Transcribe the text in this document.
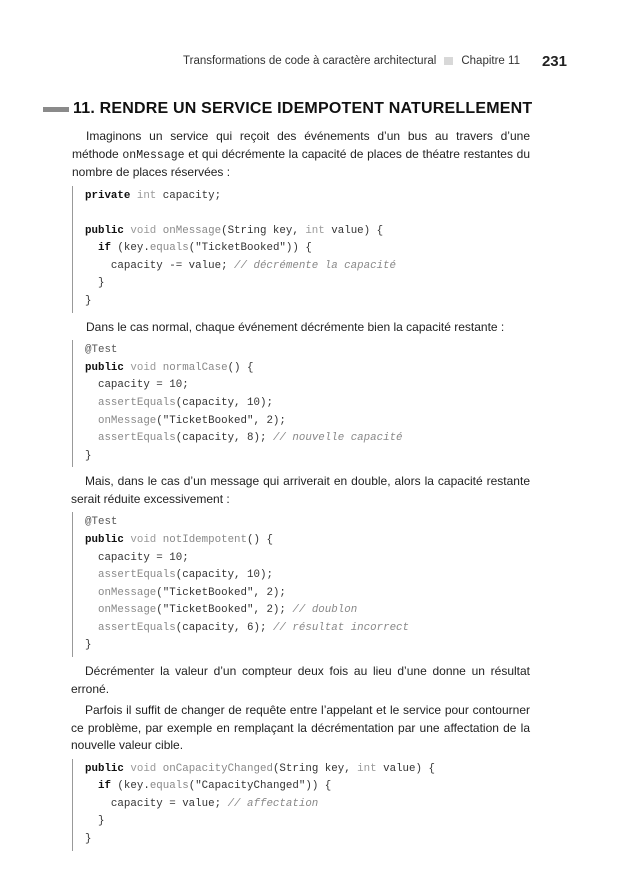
Transformations de code à caractère architectural Chapitre 11 231
11. RENDRE UN SERVICE IDEMPOTENT NATURELLEMENT

Imaginons un service qui reçoit des événements d’un bus au travers d’une méthode onMessage et qui décrémente la capacité de places de théatre restantes du nombre de places réservées :

private int capacity;

public void onMessage(String key, int value) {
if (key.equals("TicketBooked")) {
capacity -= value; // décrémente la capacité
}
}

Dans le cas normal, chaque événement décrémente bien la capacité restante :

@Test
public void normalCase() {
capacity = 10;
assertEquals(capacity, 10);
onMessage("TicketBooked", 2);
assertEquals(capacity, 8); // nouvelle capacité
}

Mais, dans le cas d’un message qui arriverait en double, alors la capacité restante serait réduite excessivement :

@Test
public void notIdempotent() {
capacity = 10;
assertEquals(capacity, 10);
onMessage("TicketBooked", 2);
onMessage("TicketBooked", 2); // doublon
assertEquals(capacity, 6); // résultat incorrect
}

Décrémenter la valeur d’un compteur deux fois au lieu d’une donne un résultat erroné.

Parfois il suffit de changer de requête entre l’appelant et le service pour contourner ce problème, par exemple en remplaçant la décrémentation par une affectation de la nouvelle valeur cible.

public void onCapacityChanged(String key, int value) {
if (key.equals("CapacityChanged")) {
capacity = value; // affectation
}
}
